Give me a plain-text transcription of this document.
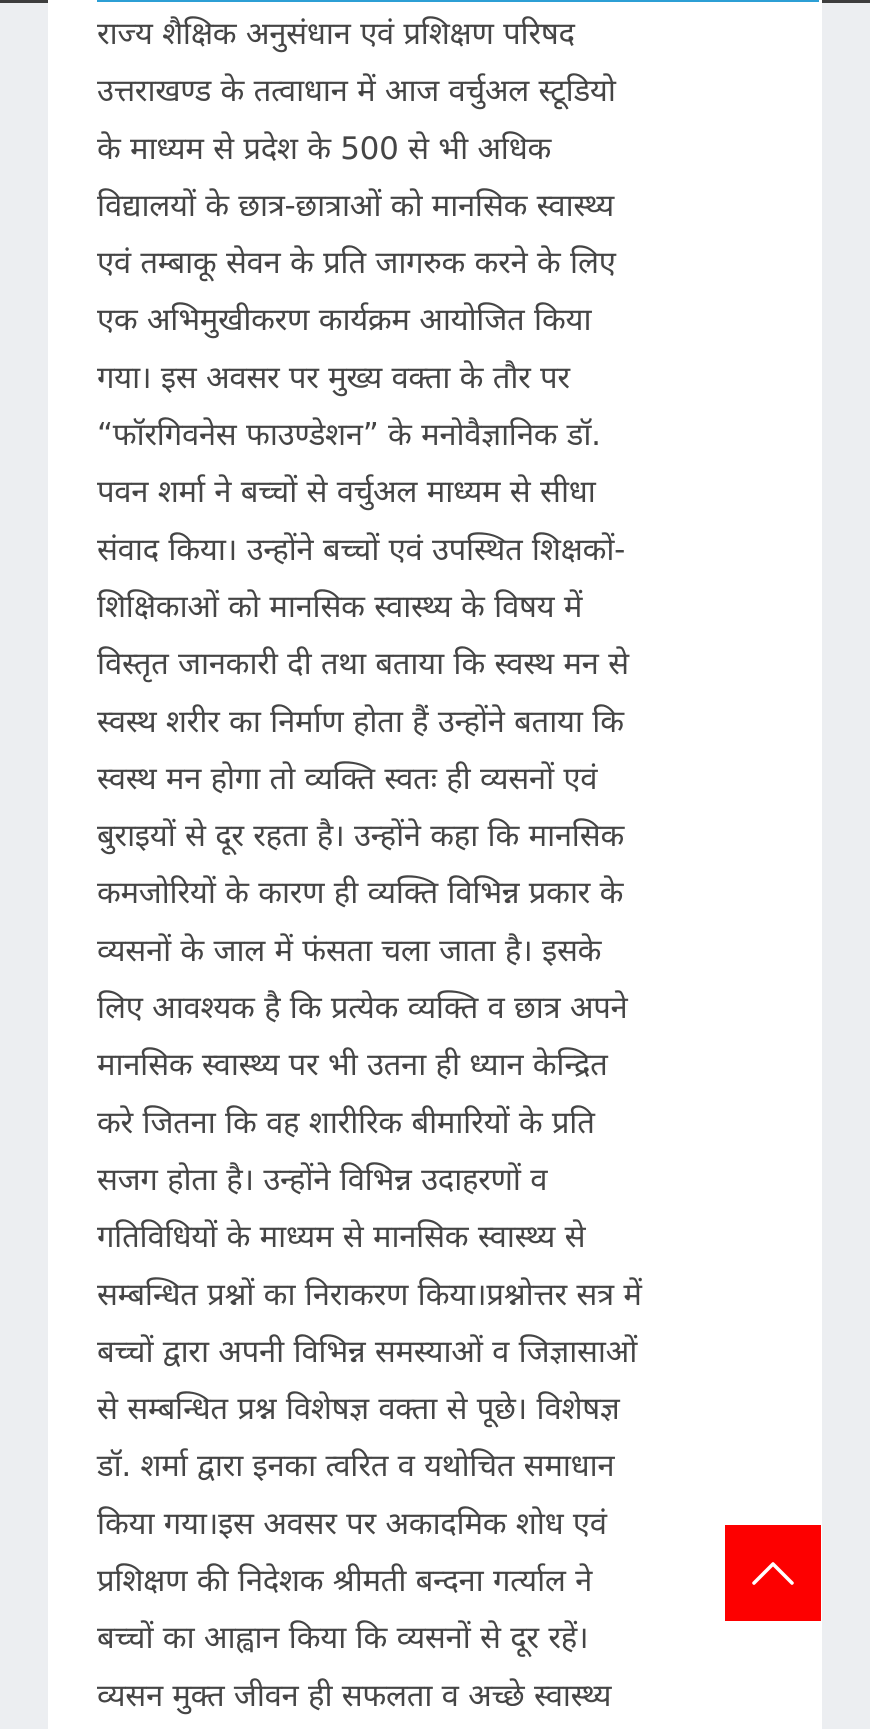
राज्य शैक्षिक अनुसंधान एवं प्रशिक्षण परिषद
उत्तराखण्ड के तत्वाधान में आज वर्चुअल स्टूडियो
के माध्यम से प्रदेश के 500 से भी अधिक
विद्यालयों के छात्र-छात्राओं को मानसिक स्वास्थ्य
एवं तम्बाकू सेवन के प्रति जागरुक करने के लिए
एक अभिमुखीकरण कार्यक्रम आयोजित किया
गया। इस अवसर पर मुख्य वक्ता के तौर पर
“फॉरगिवनेस फाउण्डेशन” के मनोवैज्ञानिक डॉ.
पवन शर्मा ने बच्चों से वर्चुअल माध्यम से सीधा
संवाद किया। उन्होंने बच्चों एवं उपस्थित शिक्षकों-
शिक्षिकाओं को मानसिक स्वास्थ्य के विषय में
विस्तृत जानकारी दी तथा बताया कि स्वस्थ मन से
स्वस्थ शरीर का निर्माण होता हैं उन्होंने बताया कि
स्वस्थ मन होगा तो व्यक्ति स्वतः ही व्यसनों एवं
बुराइयों से दूर रहता है। उन्होंने कहा कि मानसिक
कमजोरियों के कारण ही व्यक्ति विभिन्न प्रकार के
व्यसनों के जाल में फंसता चला जाता है। इसके
लिए आवश्यक है कि प्रत्येक व्यक्ति व छात्र अपने
मानसिक स्वास्थ्य पर भी उतना ही ध्यान केन्द्रित
करे जितना कि वह शारीरिक बीमारियों के प्रति
सजग होता है। उन्होंने विभिन्न उदाहरणों व
गतिविधियों के माध्यम से मानसिक स्वास्थ्य से
सम्बन्धित प्रश्नों का निराकरण किया।प्रश्नोत्तर सत्र में
बच्चों द्वारा अपनी विभिन्न समस्याओं व जिज्ञासाओं
से सम्बन्धित प्रश्न विशेषज्ञ वक्ता से पूछे। विशेषज्ञ
डॉ. शर्मा द्वारा इनका त्वरित व यथोचित समाधान
किया गया।इस अवसर पर अकादमिक शोध एवं
प्रशिक्षण की निदेशक श्रीमती बन्दना गर्त्याल ने
बच्चों का आह्वान किया कि व्यसनों से दूर रहें।
व्यसन मुक्त जीवन ही सफलता व अच्छे स्वास्थ्य
